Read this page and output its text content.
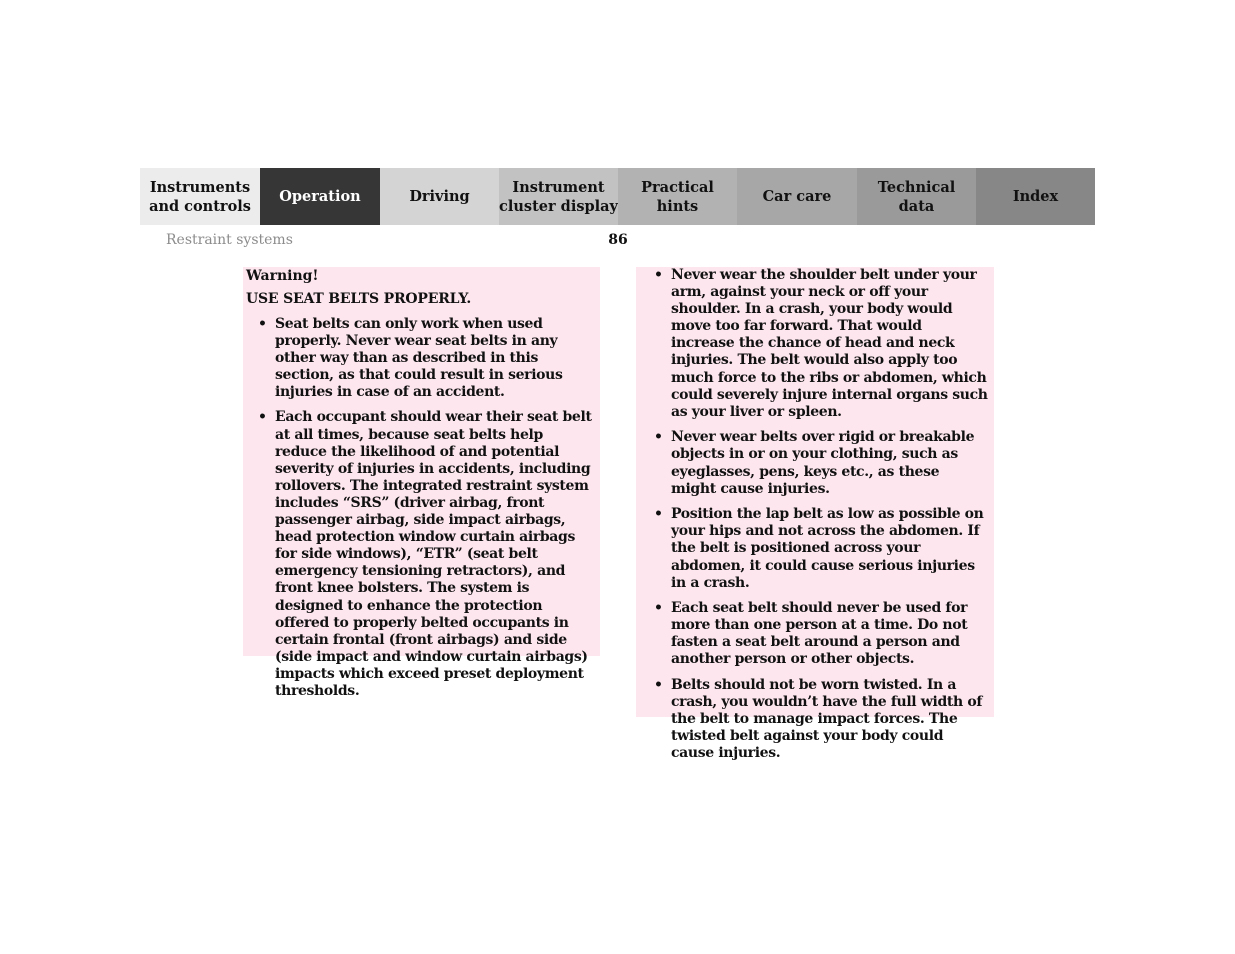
Instruments
and controls
Operation	Driving
Instrument
cluster display
Practical hints
Car care
Technical
data
Index
Restraint systems	86
Warning!
USE SEAT BELTS PROPERLY.
• Seat belts can only work when used properly. Never wear seat belts in any other way than as described in this section, as that could result in serious injuries in case of an accident.
• Each occupant should wear their seat belt at all times, because seat belts help reduce the likelihood of and potential severity of injuries in accidents, including rollovers. The integrated restraint system includes “SRS” (driver airbag, front passenger airbag, side impact airbags, head protection window curtain airbags for side windows), “ETR” (seat belt emergency tensioning retractors), and front knee bolsters. The system is designed to enhance the protection offered to properly belted occupants in certain frontal (front airbags) and side (side impact and window curtain airbags) impacts which exceed preset deployment thresholds.
• Never wear the shoulder belt under your arm, against your neck or off your shoulder. In a crash, your body would move too far forward. That would increase the chance of head and neck injuries. The belt would also apply too much force to the ribs or abdomen, which could severely injure internal organs such as your liver or spleen.
• Never wear belts over rigid or breakable objects in or on your clothing, such as eyeglasses, pens, keys etc., as these might cause injuries.
• Position the lap belt as low as possible on your hips and not across the abdomen. If the belt is positioned across your abdomen, it could cause serious injuries in a crash.
• Each seat belt should never be used for more than one person at a time. Do not fasten a seat belt around a person and another person or other objects.
• Belts should not be worn twisted. In a crash, you wouldn’t have the full width of the belt to manage impact forces. The twisted belt against your body could cause injuries.
